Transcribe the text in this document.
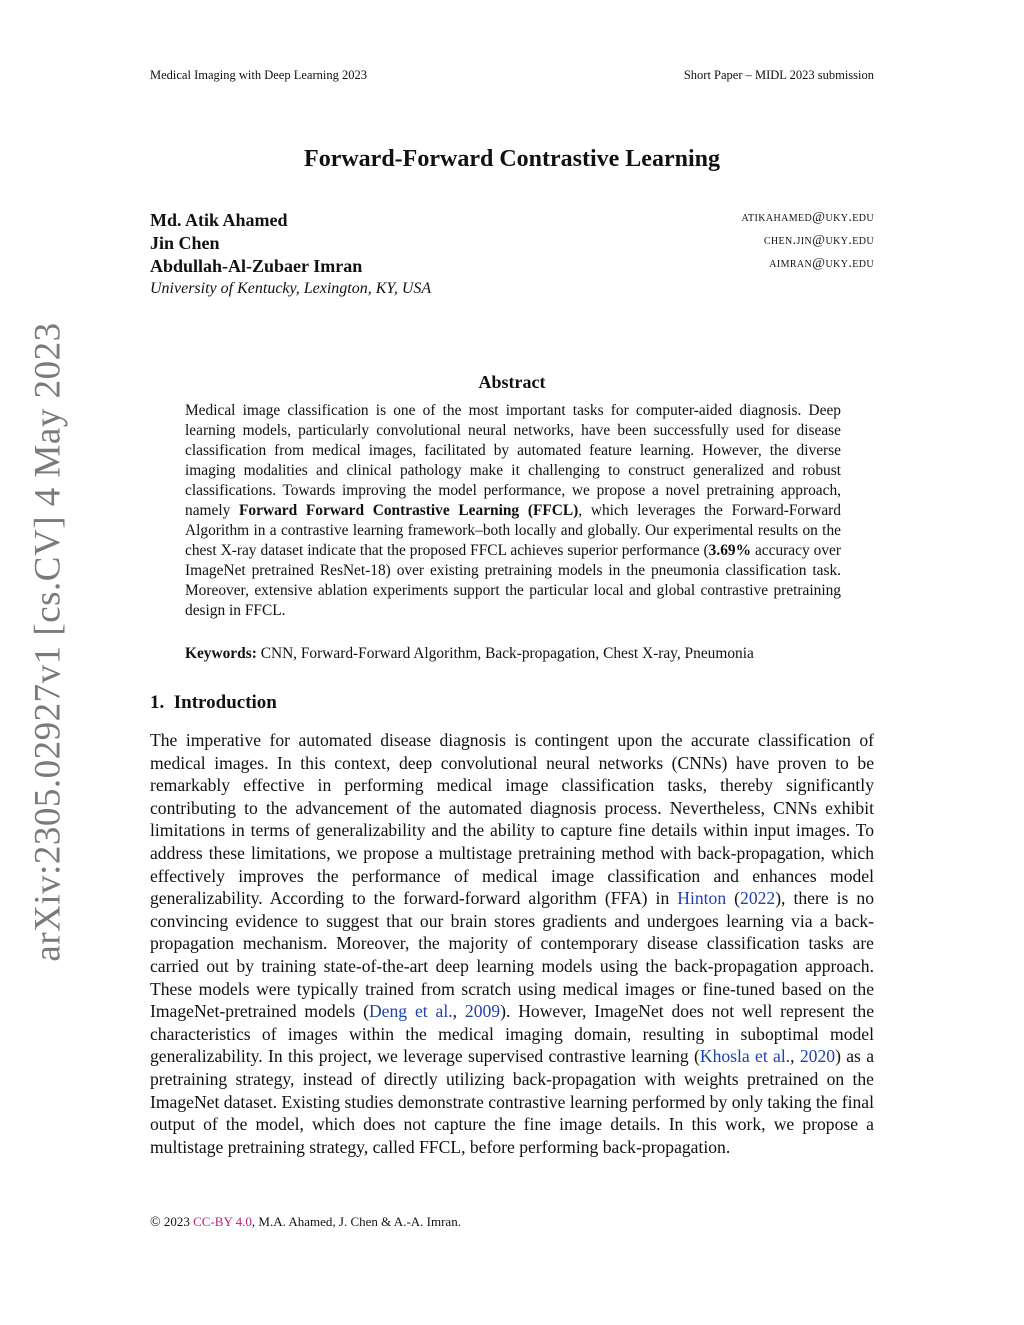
Medical Imaging with Deep Learning 2023	Short Paper – MIDL 2023 submission
arXiv:2305.02927v1 [cs.CV] 4 May 2023
Forward-Forward Contrastive Learning
Md. Atik Ahamed	atikahamed@uky.edu
Jin Chen	chen.jin@uky.edu
Abdullah-Al-Zubaer Imran	aimran@uky.edu
University of Kentucky, Lexington, KY, USA
Abstract

Medical image classification is one of the most important tasks for computer-aided diagnosis. Deep learning models, particularly convolutional neural networks, have been successfully used for disease classification from medical images, facilitated by automated feature learning. However, the diverse imaging modalities and clinical pathology make it challenging to construct generalized and robust classifications. Towards improving the model performance, we propose a novel pretraining approach, namely Forward Forward Contrastive Learning (FFCL), which leverages the Forward-Forward Algorithm in a contrastive learning framework–both locally and globally. Our experimental results on the chest X-ray dataset indicate that the proposed FFCL achieves superior performance (3.69% accuracy over ImageNet pretrained ResNet-18) over existing pretraining models in the pneumonia classification task. Moreover, extensive ablation experiments support the particular local and global contrastive pretraining design in FFCL.

Keywords: CNN, Forward-Forward Algorithm, Back-propagation, Chest X-ray, Pneumonia

1. Introduction

The imperative for automated disease diagnosis is contingent upon the accurate classification of medical images. In this context, deep convolutional neural networks (CNNs) have proven to be remarkably effective in performing medical image classification tasks, thereby significantly contributing to the advancement of the automated diagnosis process. Nevertheless, CNNs exhibit limitations in terms of generalizability and the ability to capture fine details within input images. To address these limitations, we propose a multistage pretraining method with back-propagation, which effectively improves the performance of medical image classification and enhances model generalizability. According to the forward-forward algorithm (FFA) in Hinton (2022), there is no convincing evidence to suggest that our brain stores gradients and undergoes learning via a back-propagation mechanism. Moreover, the majority of contemporary disease classification tasks are carried out by training state-of-the-art deep learning models using the back-propagation approach. These models were typically trained from scratch using medical images or fine-tuned based on the ImageNet-pretrained models (Deng et al., 2009). However, ImageNet does not well represent the characteristics of images within the medical imaging domain, resulting in suboptimal model generalizability. In this project, we leverage supervised contrastive learning (Khosla et al., 2020) as a pretraining strategy, instead of directly utilizing back-propagation with weights pretrained on the ImageNet dataset. Existing studies demonstrate contrastive learning performed by only taking the final output of the model, which does not capture the fine image details. In this work, we propose a multistage pretraining strategy, called FFCL, before performing back-propagation.

© 2023 CC-BY 4.0, M.A. Ahamed, J. Chen & A.-A. Imran.
